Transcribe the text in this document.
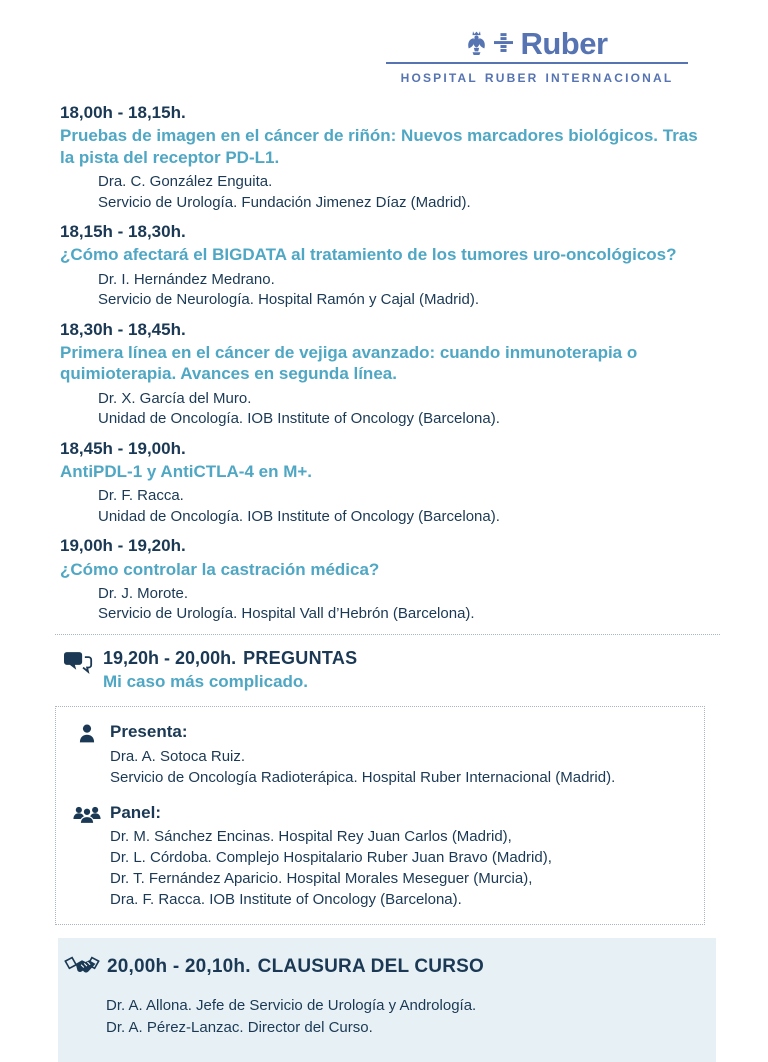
Ruber
hospital ruber internacional
18,00h - 18,15h.
Pruebas de imagen en el cáncer de riñón: Nuevos marcadores biológicos. Tras la pista del receptor PD-L1.
Dra. C. González Enguita.
Servicio de Urología. Fundación Jimenez Díaz (Madrid).
18,15h - 18,30h.
¿Cómo afectará el BIGDATA al tratamiento de los tumores uro-oncológicos?
Dr. I. Hernández Medrano.
Servicio de Neurología. Hospital Ramón y Cajal (Madrid).
18,30h - 18,45h.
Primera línea en el cáncer de vejiga avanzado: cuando inmunoterapia o quimioterapia. Avances en segunda línea.
Dr. X. García del Muro.
Unidad de Oncología. IOB Institute of Oncology (Barcelona).
18,45h - 19,00h.
AntiPDL-1 y AntiCTLA-4 en M+.
Dr. F. Racca.
Unidad de Oncología. IOB Institute of Oncology (Barcelona).
19,00h - 19,20h.
¿Cómo controlar la castración médica?
Dr. J. Morote.
Servicio de Urología. Hospital Vall d’Hebrón (Barcelona).
19,20h - 20,00h. PREGUNTAS
Mi caso más complicado.
Presenta:
Dra. A. Sotoca Ruiz.
Servicio de Oncología Radioterápica. Hospital Ruber Internacional (Madrid).
Panel:
Dr. M. Sánchez Encinas. Hospital Rey Juan Carlos (Madrid),
Dr. L. Córdoba. Complejo Hospitalario Ruber Juan Bravo (Madrid),
Dr. T. Fernández Aparicio. Hospital Morales Meseguer (Murcia),
Dra. F. Racca. IOB Institute of Oncology (Barcelona).
20,00h - 20,10h. CLAUSURA DEL CURSO
Dr. A. Allona. Jefe de Servicio de Urología y Andrología.
Dr. A. Pérez-Lanzac. Director del Curso.
